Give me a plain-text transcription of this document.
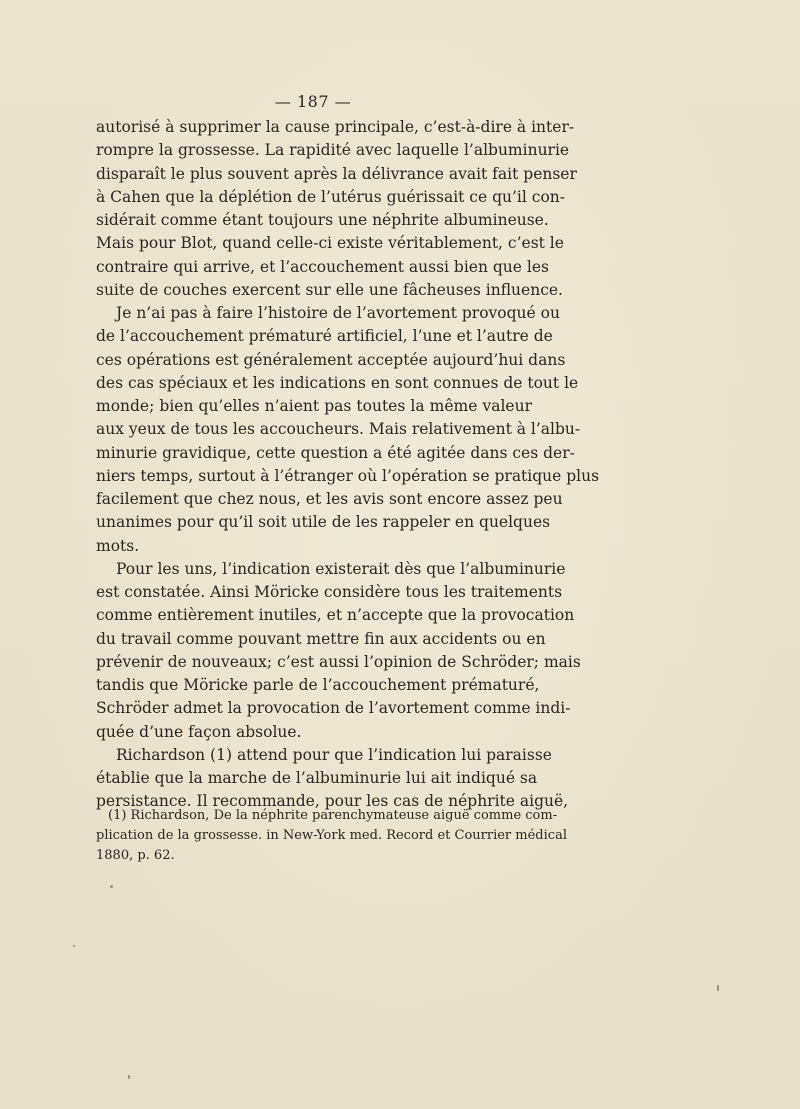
— 187 —
autorisé à supprimer la cause principale, c’est-à-dire à inter-
rompre la grossesse. La rapidité avec laquelle l’albuminurie
disparaît le plus souvent après la délivrance avait fait penser
à Cahen que la déplétion de l’utérus guérissait ce qu’il con-
sidérait comme étant toujours une néphrite albumineuse.
Mais pour Blot, quand celle-ci existe véritablement, c’est le
contraire qui arrive, et l’accouchement aussi bien que les
suite de couches exercent sur elle une fâcheuses influence.
Je n’ai pas à faire l’histoire de l’avortement provoqué ou
de l’accouchement prématuré artificiel, l’une et l’autre de
ces opérations est généralement acceptée aujourd’hui dans
des cas spéciaux et les indications en sont connues de tout le
monde; bien qu’elles n’aient pas toutes la même valeur
aux yeux de tous les accoucheurs. Mais relativement à l’albu-
minurie gravidique, cette question a été agitée dans ces der-
niers temps, surtout à l’étranger où l’opération se pratique plus
facilement que chez nous, et les avis sont encore assez peu
unanimes pour qu’il soit utile de les rappeler en quelques
mots.
Pour les uns, l’indication existerait dès que l’albuminurie
est constatée. Ainsi Möricke considère tous les traitements
comme entièrement inutiles, et n’accepte que la provocation
du travail comme pouvant mettre fin aux accidents ou en
prévenir de nouveaux; c’est aussi l’opinion de Schröder; mais
tandis que Möricke parle de l’accouchement prématuré,
Schröder admet la provocation de l’avortement comme indi-
quée d’une façon absolue.
Richardson (1) attend pour que l’indication lui paraisse
établie que la marche de l’albuminurie lui ait indiqué sa
persistance. Il recommande, pour les cas de néphrite aiguë,
(1) Richardson, De la néphrite parenchymateuse aiguë comme com-
plication de la grossesse. in New-York med. Record et Courrier médical
1880, p. 62.
